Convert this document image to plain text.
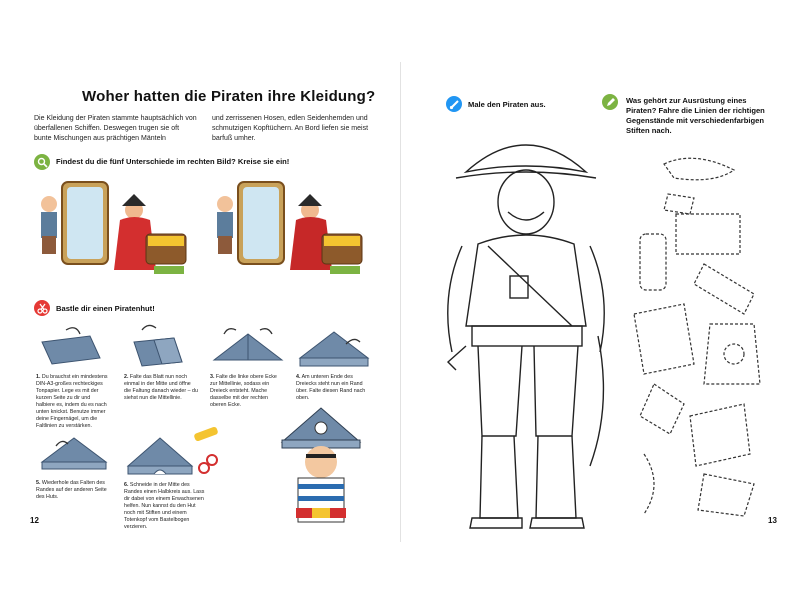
Woher hatten die Piraten ihre Kleidung?
Die Kleidung der Piraten stammte hauptsächlich von überfallenen Schiffen. Deswegen trugen sie oft bunte Mischungen aus prächtigen Mänteln
und zerrissenen Hosen, edlen Seidenhemden und schmutzigen Kopftüchern. An Bord liefen sie meist barfuß umher.
Findest du die fünf Unterschiede im rechten Bild? Kreise sie ein!
Bastle dir einen Piratenhut!
1. Du brauchst ein mindestens DIN-A3-großes rechteckiges Tonpapier. Lege es mit der kurzen Seite zu dir und halbiere es, indem du es nach unten knickst. Benutze immer deine Fingernägel, um die Faltlinien zu verstärken.
2. Falte das Blatt nun noch einmal in der Mitte und öffne die Faltung danach wieder – du siehst nun die Mittellinie.
3. Falte die linke obere Ecke zur Mittellinie, sodass ein Dreieck entsteht. Mache dasselbe mit der rechten oberen Ecke.
4. Am unteren Ende des Dreiecks steht nun ein Rand über. Falte diesen Rand nach oben.
5. Wiederhole das Falten des Randes auf der anderen Seite des Huts.
6. Schneide in der Mitte des Randes einen Halbkreis aus. Lass dir dabei von einem Erwachsenen helfen. Nun kannst du den Hut noch mit Stiften und einem Totenkopf vom Bastelbogen verzieren.
12
Male den Piraten aus.	Was gehört zur Ausrüstung eines Piraten? Fahre die Linien der richtigen Gegenstände mit verschiedenfarbigen Stiften nach.
13
